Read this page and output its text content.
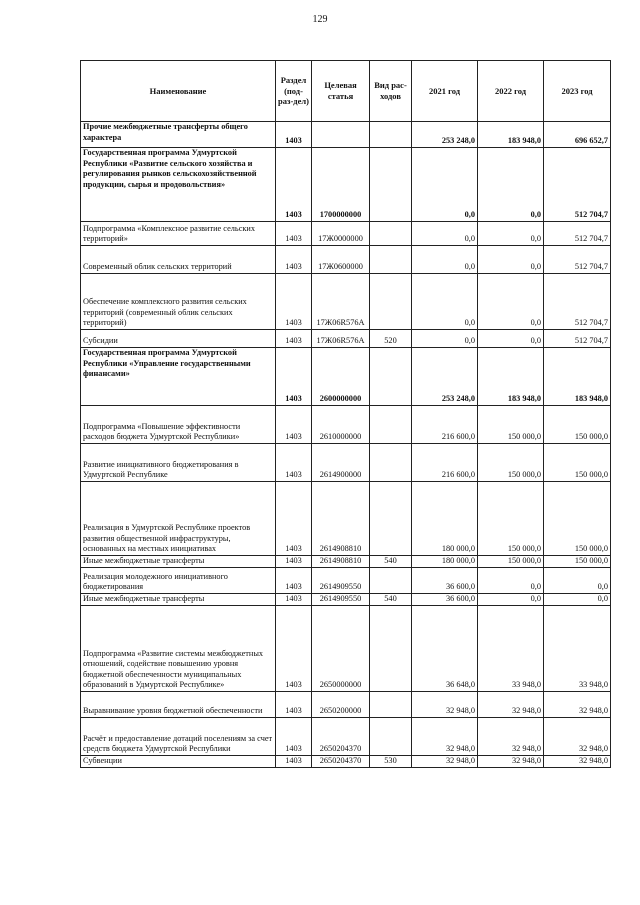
129
Наименование	Раздел (под-раз-дел)	Целевая статья	Вид рас-ходов	2021 год	2022 год	2023 год
Прочие межбюджетные трансферты общего характера	1403			253 248,0	183 948,0	696 652,7
Государственная программа Удмуртской Республики «Развитие сельского хозяйства и регулирования рынков сельскохозяйственной продукции, сырья и продовольствия»	1403	1700000000		0,0	0,0	512 704,7
Подпрограмма «Комплексное развитие сельских территорий»	1403	17Ж0000000		0,0	0,0	512 704,7
Современный облик сельских территорий	1403	17Ж0600000		0,0	0,0	512 704,7
Обеспечение комплексного развития сельских территорий (современный облик сельских территорий)	1403	17Ж06R576А		0,0	0,0	512 704,7
Субсидии	1403	17Ж06R576А	520	0,0	0,0	512 704,7
Государственная программа Удмуртской Республики «Управление государственными финансами»	1403	2600000000		253 248,0	183 948,0	183 948,0
Подпрограмма «Повышение эффективности расходов бюджета Удмуртской Республики»	1403	2610000000		216 600,0	150 000,0	150 000,0
Развитие инициативного бюджетирования в Удмуртской Республике	1403	2614900000		216 600,0	150 000,0	150 000,0
Реализация в Удмуртской Республике проектов развития общественной инфраструктуры, основанных на местных инициативах	1403	2614908810		180 000,0	150 000,0	150 000,0
Иные межбюджетные трансферты	1403	2614908810	540	180 000,0	150 000,0	150 000,0
Реализация молодежного инициативного бюджетирования	1403	2614909550		36 600,0	0,0	0,0
Иные межбюджетные трансферты	1403	2614909550	540	36 600,0	0,0	0,0
Подпрограмма «Развитие системы межбюджетных отношений, содействие повышению уровня бюджетной обеспеченности муниципальных образований в Удмуртской Республике»	1403	2650000000		36 648,0	33 948,0	33 948,0
Выравнивание уровня бюджетной обеспеченности	1403	2650200000		32 948,0	32 948,0	32 948,0
Расчёт и предоставление дотаций поселениям за счет средств бюджета Удмуртской Республики	1403	2650204370		32 948,0	32 948,0	32 948,0
Субвенции	1403	2650204370	530	32 948,0	32 948,0	32 948,0
